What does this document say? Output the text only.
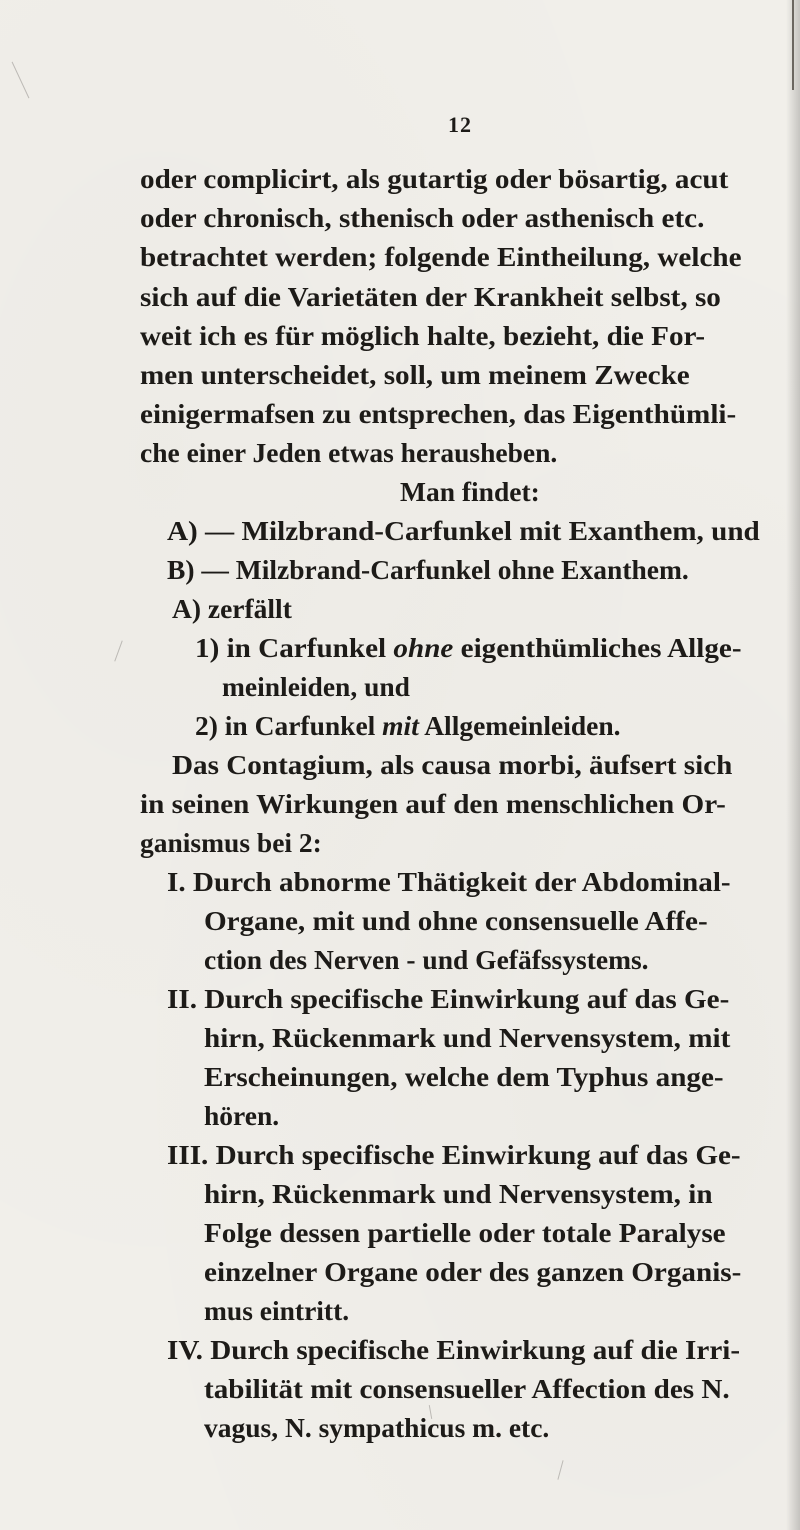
12
oder complicirt, als gutartig oder bösartig, acut
oder chronisch, sthenisch oder asthenisch etc.
betrachtet werden; folgende Eintheilung, welche
sich auf die Varietäten der Krankheit selbst, so
weit ich es für möglich halte, bezieht, die For-
men unterscheidet, soll, um meinem Zwecke
einigermafsen zu entsprechen, das Eigenthümli-
che einer Jeden etwas herausheben.
Man findet:
A) — Milzbrand-Carfunkel mit Exanthem, und
B) — Milzbrand-Carfunkel ohne Exanthem.
A) zerfällt
1) in Carfunkel ohne eigenthümliches Allge-
meinleiden, und
2) in Carfunkel mit Allgemeinleiden.
Das Contagium, als causa morbi, äufsert sich
in seinen Wirkungen auf den menschlichen Or-
ganismus bei 2:
I. Durch abnorme Thätigkeit der Abdominal-
Organe, mit und ohne consensuelle Affe-
ction des Nerven - und Gefäfssystems.
II. Durch specifische Einwirkung auf das Ge-
hirn, Rückenmark und Nervensystem, mit
Erscheinungen, welche dem Typhus ange-
hören.
III. Durch specifische Einwirkung auf das Ge-
hirn, Rückenmark und Nervensystem, in
Folge dessen partielle oder totale Paralyse
einzelner Organe oder des ganzen Organis-
mus eintritt.
IV. Durch specifische Einwirkung auf die Irri-
tabilität mit consensueller Affection des N.
vagus, N. sympathicus m. etc.
